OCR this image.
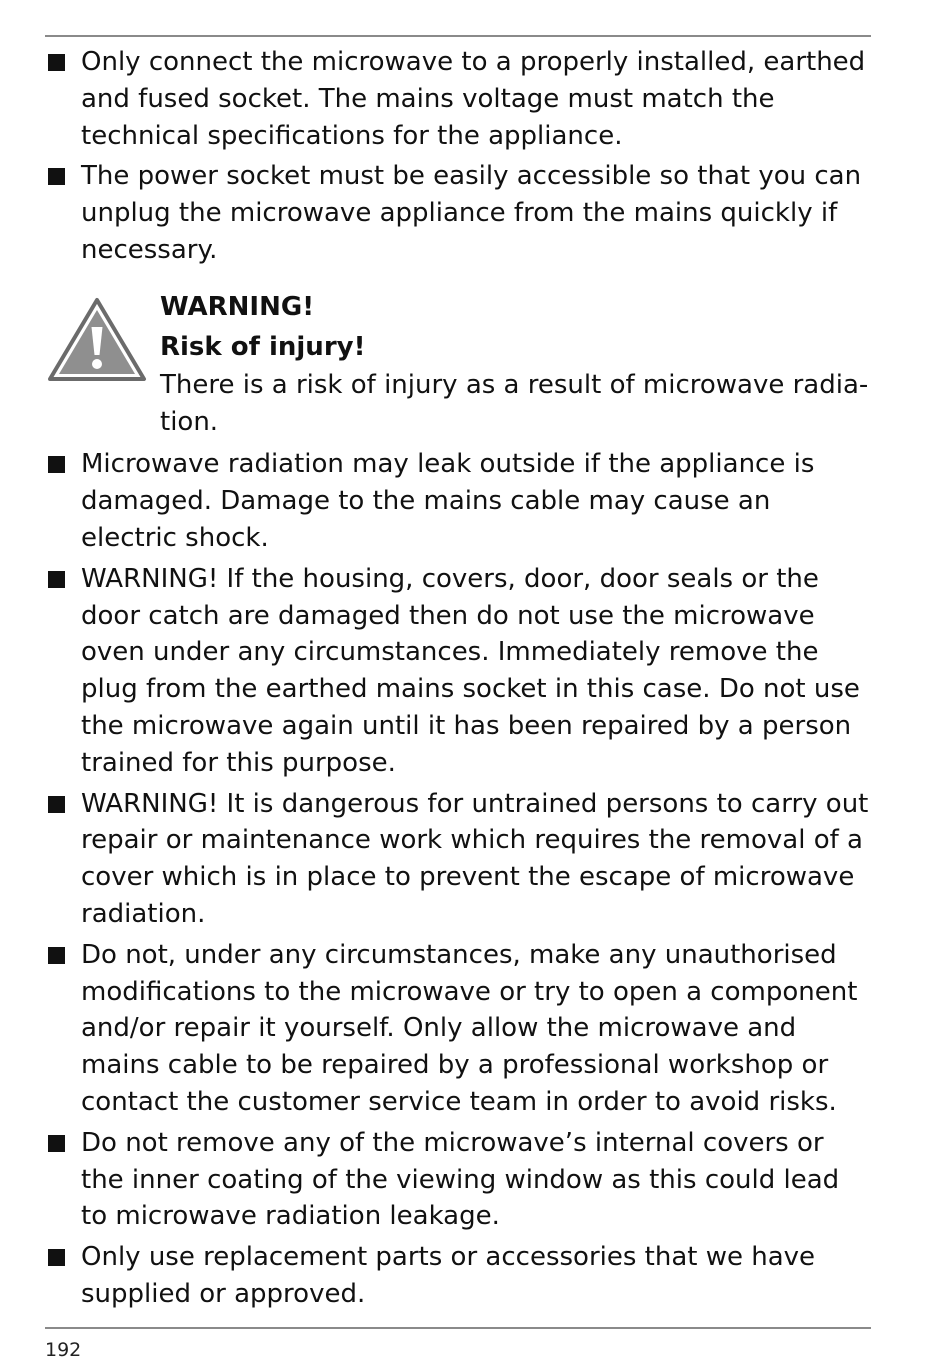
Only connect the microwave to a properly installed, earthed and fused socket. The mains voltage must match the technical specifications for the appliance.
The power socket must be easily accessible so that you can unplug the microwave appliance from the mains quickly if necessary.
WARNING!
Risk of injury!
There is a risk of injury as a result of microwave radiation.
Microwave radiation may leak outside if the appliance is damaged. Damage to the mains cable may cause an electric shock.
WARNING! If the housing, covers, door, door seals or the door catch are damaged then do not use the microwave oven under any circumstances. Immediately remove the plug from the earthed mains socket in this case. Do not use the microwave again until it has been repaired by a person trained for this purpose.
WARNING! It is dangerous for untrained persons to carry out repair or maintenance work which requires the removal of a cover which is in place to prevent the escape of microwave radiation.
Do not, under any circumstances, make any unauthorised modifications to the microwave or try to open a component and/or repair it yourself. Only allow the microwave and mains cable to be repaired by a professional workshop or contact the customer service team in order to avoid risks.
Do not remove any of the microwave’s internal covers or the inner coating of the viewing window as this could lead to microwave radiation leakage.
Only use replacement parts or accessories that we have supplied or approved.
192
